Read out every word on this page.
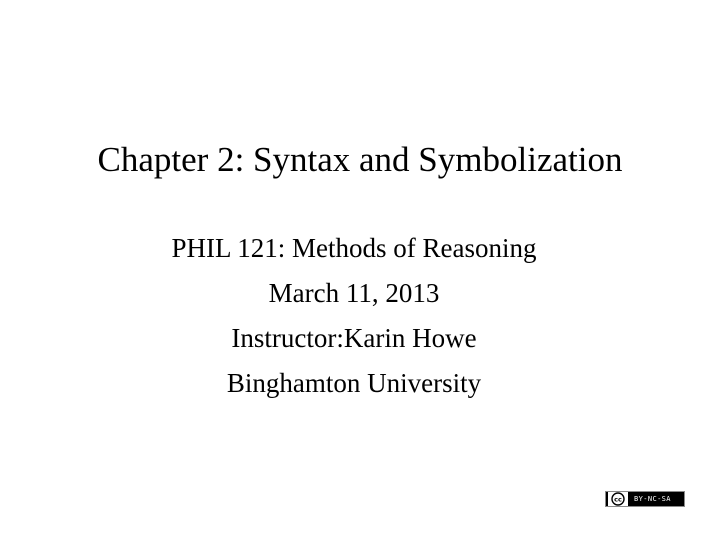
Chapter 2: Syntax and Symbolization
PHIL 121: Methods of Reasoning
March 11, 2013
Instructor:Karin Howe
Binghamton University
cc BY-NC-SA
